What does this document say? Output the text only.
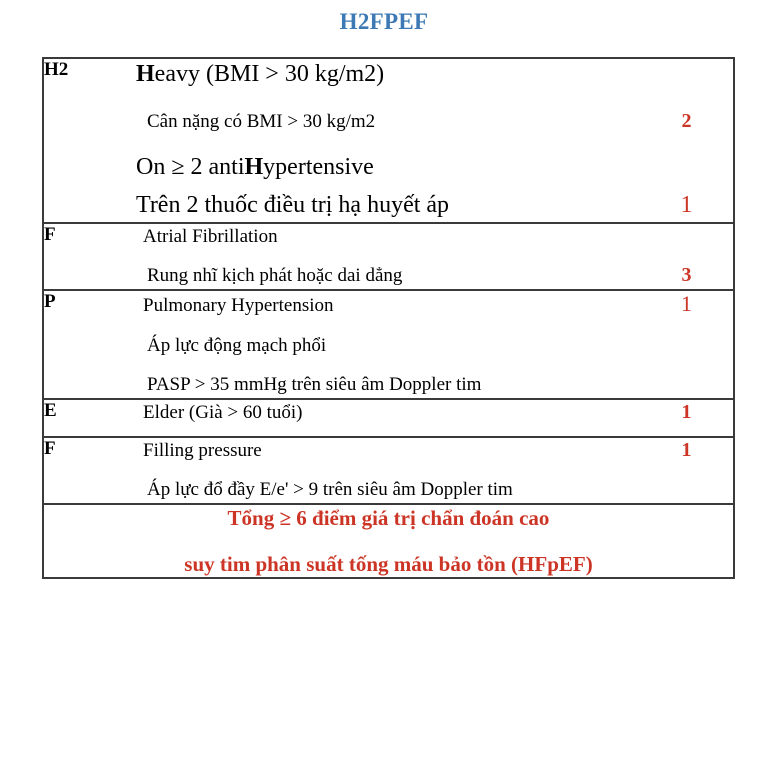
H2FPEF
H2	Heavy (BMI > 30 kg/m2)
Cân nặng có BMI > 30 kg/m2	2
On ≥ 2 antiHypertensive
Trên 2 thuốc điều trị hạ huyết áp	1

F	Atrial Fibrillation
Rung nhĩ kịch phát hoặc dai dẳng 3

P	Pulmonary Hypertension 1
Áp lực động mạch phổi
PASP > 35 mmHg trên siêu âm Doppler tim

E	Elder (Già > 60 tuổi) 1

F	Filling pressure 1
Áp lực đổ đầy E/e' > 9 trên siêu âm Doppler tim

Tổng ≥ 6 điểm giá trị chẩn đoán cao
suy tim phân suất tống máu bảo tồn (HFpEF)	
